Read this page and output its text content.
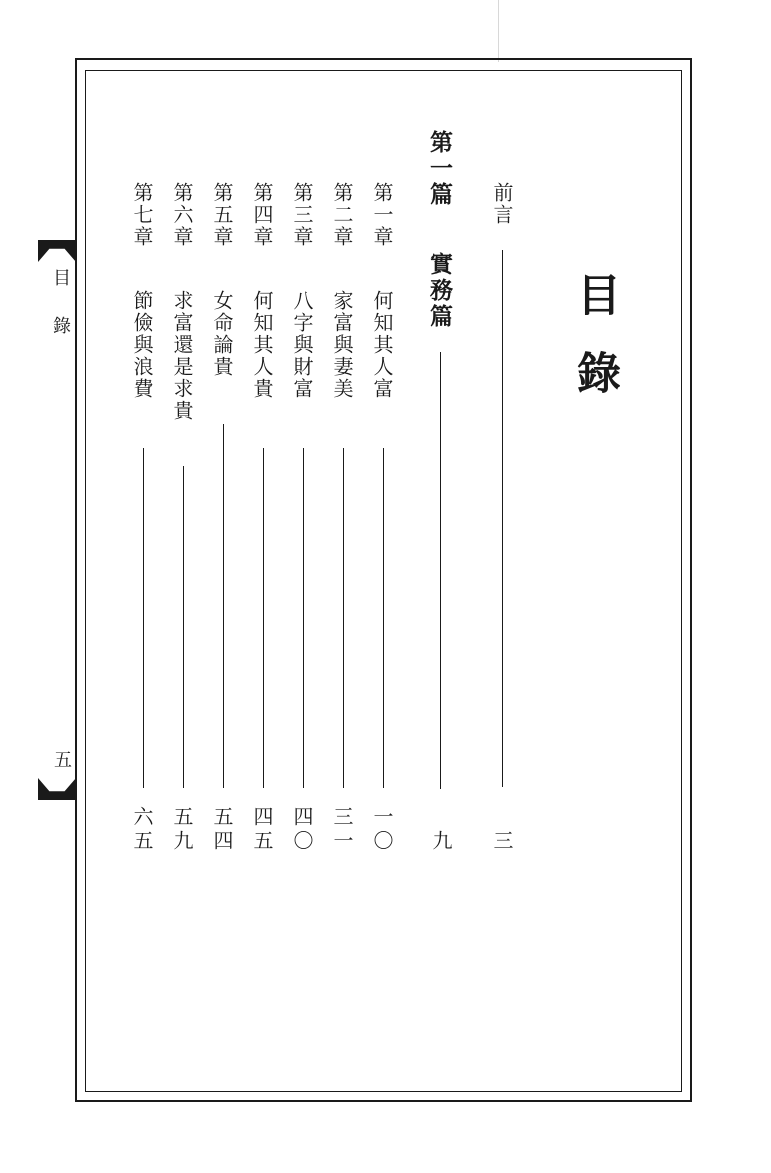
目錄

五

目錄

前言

三

第一篇

實務篇

九

第一章

何知其人富

一〇

第二章

家富與妻美

三一

第三章

八字與財富

四〇

第四章

何知其人貴

四五

第五章

女命論貴

五四

第六章

求富還是求貴

五九

第七章

節儉與浪費

六五
